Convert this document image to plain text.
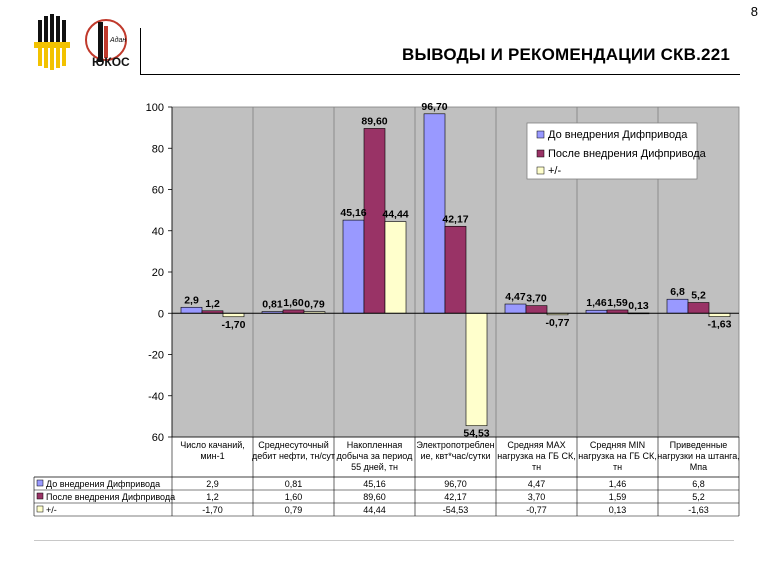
8
Aдан
ЮКОС	ВЫВОДЫ И РЕКОМЕНДАЦИИ СКВ.221
100
80
60
40
20
0
-20
-40
60
2,9	0,81
45,16
96,70
4,47
1,46
6,8
1,2	1,60
89,60
42,17
3,70	1,59
5,2
-1,70
0,79
44,44
54,53
-0,77
0,13
-1,63
До внедрения Дифпривода
После внедрения Дифпривода
+/-
Число качаний,
мин-1
Среднесуточный
дебит нефти, тн/сут
Накопленная
добыча за период
55 дней, тн
Электропотреблен
ие, квт*час/сутки
Средняя MAX
нагрузка на ГБ СК,
тн
Средняя MIN
нагрузка на ГБ СК,
тн
Приведенные
нагрузки на штанга,
Мпа
До внедрения Дифпривода	2,9	0,81	45,16	96,70	4,47	1,46	6,8
После внедрения Дифпривода	1,2	1,60	89,60	42,17	3,70	1,59	5,2
+/-	-1,70	0,79	44,44	-54,53	-0,77	0,13	-1,63
